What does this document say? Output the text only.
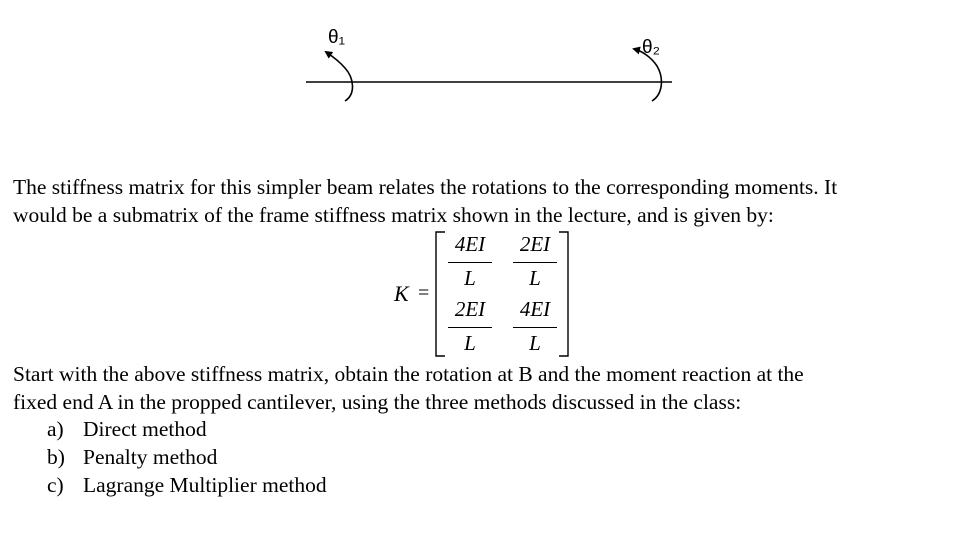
θ₁	θ₂
The stiffness matrix for this simpler beam relates the rotations to the corresponding moments. It
would be a submatrix of the frame stiffness matrix shown in the lecture, and is given by:
K =
4EI
L
2EI
L
2EI
L
4EI
L
Start with the above stiffness matrix, obtain the rotation at B and the moment reaction at the
fixed end A in the propped cantilever, using the three methods discussed in the class:
a) Direct method
b) Penalty method
c) Lagrange Multiplier method
